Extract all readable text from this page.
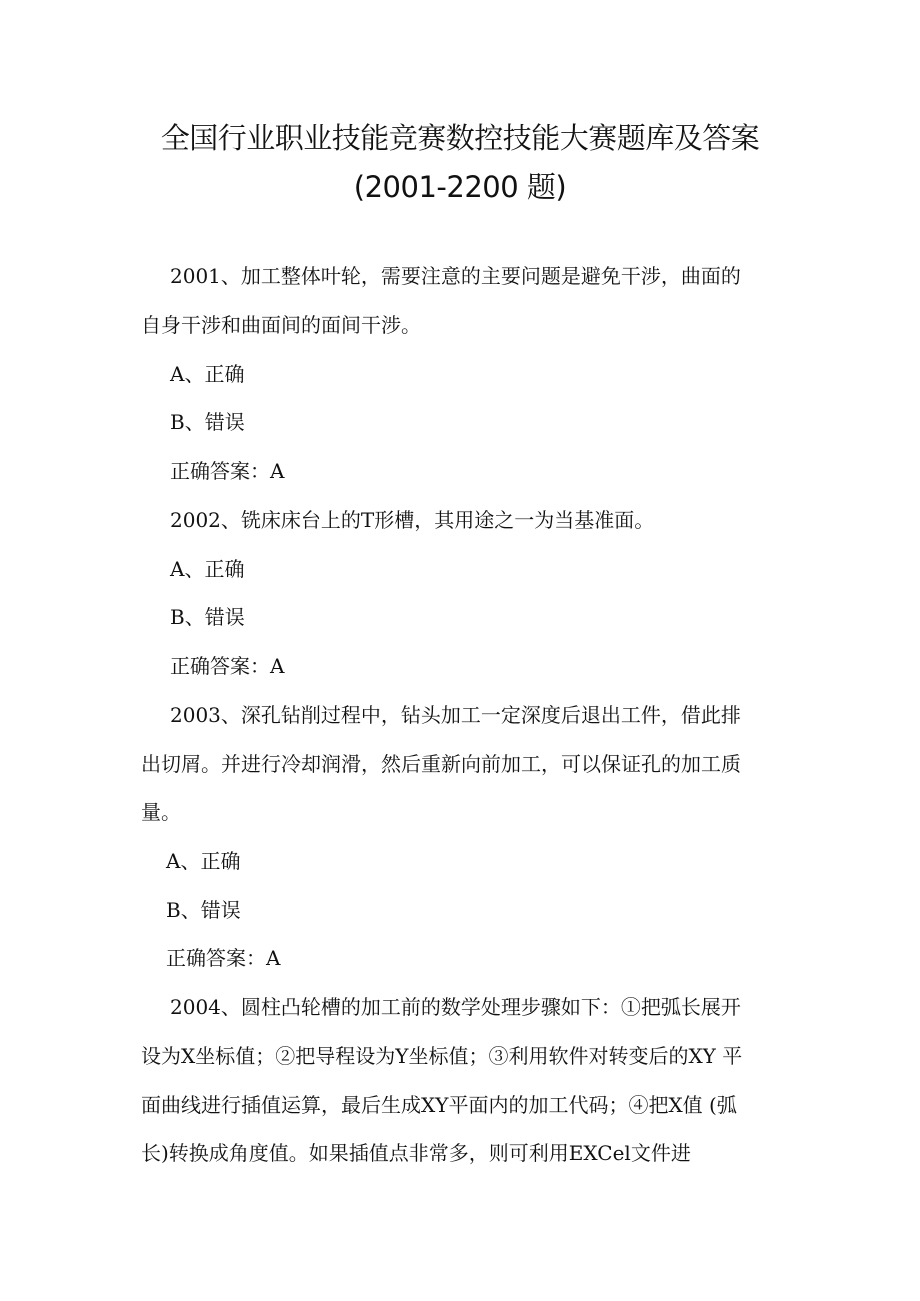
全国行业职业技能竞赛数控技能大赛题库及答案
(2001-2200 题)
2001、加工整体叶轮，需要注意的主要问题是避免干涉，曲面的
自身干涉和曲面间的面间干涉。
A、正确
B、错误
正确答案：A
2002、铣床床台上的T形槽，其用途之一为当基准面。
A、正确
B、错误
正确答案：A
2003、深孔钻削过程中，钻头加工一定深度后退出工件，借此排
出切屑。并进行冷却润滑，然后重新向前加工，可以保证孔的加工质
量。
A、正确
B、错误
正确答案：A
2004、圆柱凸轮槽的加工前的数学处理步骤如下：①把弧长展开
设为X坐标值；②把导程设为Y坐标值；③利用软件对转变后的XY 平
面曲线进行插值运算，最后生成XY平面内的加工代码；④把X值 (弧
长)转换成角度值。如果插值点非常多，则可利用EXCel文件进
